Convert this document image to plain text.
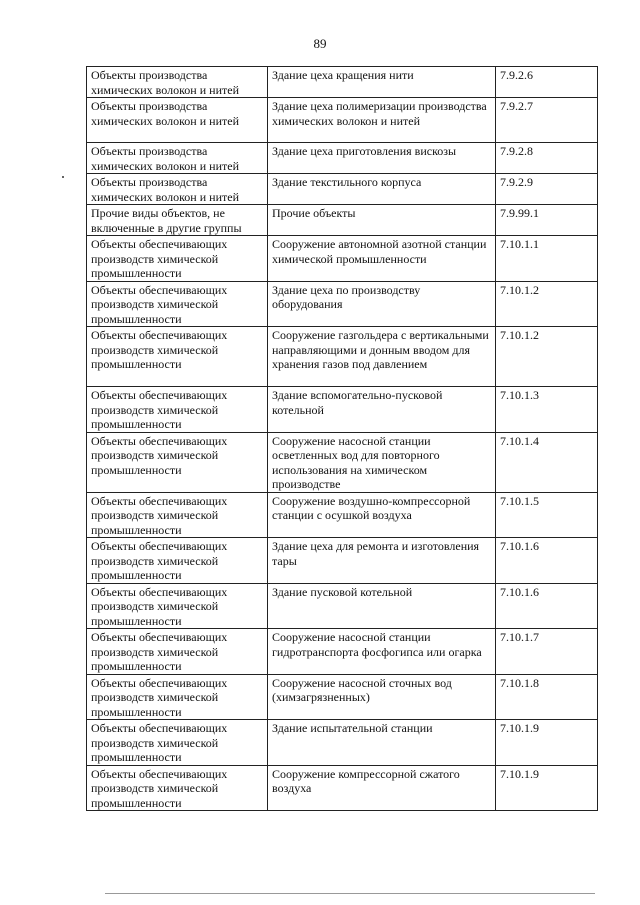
89
Объекты производства химических волокон и нитей	Здание цеха кращения нити	7.9.2.6
Объекты производства химических волокон и нитей	Здание цеха полимеризации производства химических волокон и нитей	7.9.2.7
Объекты производства химических волокон и нитей	Здание цеха приготовления вискозы	7.9.2.8
Объекты производства химических волокон и нитей	Здание текстильного корпуса	7.9.2.9
Прочие виды объектов, не включенные в другие группы	Прочие объекты	7.9.99.1
Объекты обеспечивающих производств химической промышленности	Сооружение автономной азотной станции химической промышленности	7.10.1.1
Объекты обеспечивающих производств химической промышленности	Здание цеха по производству оборудования	7.10.1.2
Объекты обеспечивающих производств химической промышленности	Сооружение газгольдера с вертикальными направляющими и донным вводом для хранения газов под давлением	7.10.1.2
Объекты обеспечивающих производств химической промышленности	Здание вспомогательно-пусковой котельной	7.10.1.3
Объекты обеспечивающих производств химической промышленности	Сооружение насосной станции осветленных вод для повторного использования на химическом производстве	7.10.1.4
Объекты обеспечивающих производств химической промышленности	Сооружение воздушно-компрессорной станции с осушкой воздуха	7.10.1.5
Объекты обеспечивающих производств химической промышленности	Здание цеха для ремонта и изготовления тары	7.10.1.6
Объекты обеспечивающих производств химической промышленности	Здание пусковой котельной	7.10.1.6
Объекты обеспечивающих производств химической промышленности	Сооружение насосной станции гидротранспорта фосфогипса или огарка	7.10.1.7
Объекты обеспечивающих производств химической промышленности	Сооружение насосной сточных вод (химзагрязненных)	7.10.1.8
Объекты обеспечивающих производств химической промышленности	Здание испытательной станции	7.10.1.9
Объекты обеспечивающих производств химической промышленности	Сооружение компрессорной сжатого воздуха	7.10.1.9
